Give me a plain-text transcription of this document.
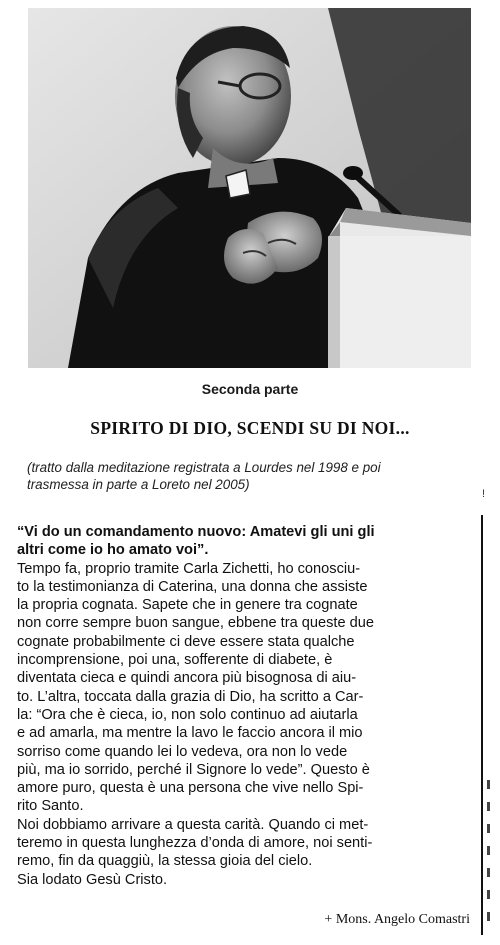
Seconda parte
SPIRITO DI DIO, SCENDI SU DI NOI...
(tratto dalla meditazione registrata a Lourdes nel 1998 e poi
trasmessa in parte a Loreto nel 2005)
!
“Vi do un comandamento nuovo: Amatevi gli uni gli
altri come io ho amato voi”.
Tempo fa, proprio tramite Carla Zichetti, ho conosciu-
to la testimonianza di Caterina, una donna che assiste
la propria cognata. Sapete che in genere tra cognate
non corre sempre buon sangue, ebbene tra queste due
cognate probabilmente ci deve essere stata qualche
incomprensione, poi una, sofferente di diabete, è
diventata cieca e quindi ancora più bisognosa di aiu-
to. L’altra, toccata dalla grazia di Dio, ha scritto a Car-
la: “Ora che è cieca, io, non solo continuo ad aiutarla
e ad amarla, ma mentre la lavo le faccio ancora il mio
sorriso come quando lei lo vedeva, ora non lo vede
più, ma io sorrido, perché il Signore lo vede”. Questo è
amore puro, questa è una persona che vive nello Spi-
rito Santo.
Noi dobbiamo arrivare a questa carità. Quando ci met-
teremo in questa lunghezza d’onda di amore, noi senti-
remo, fin da quaggiù, la stessa gioia del cielo.
Sia lodato Gesù Cristo.
+ Mons. Angelo Comastri
